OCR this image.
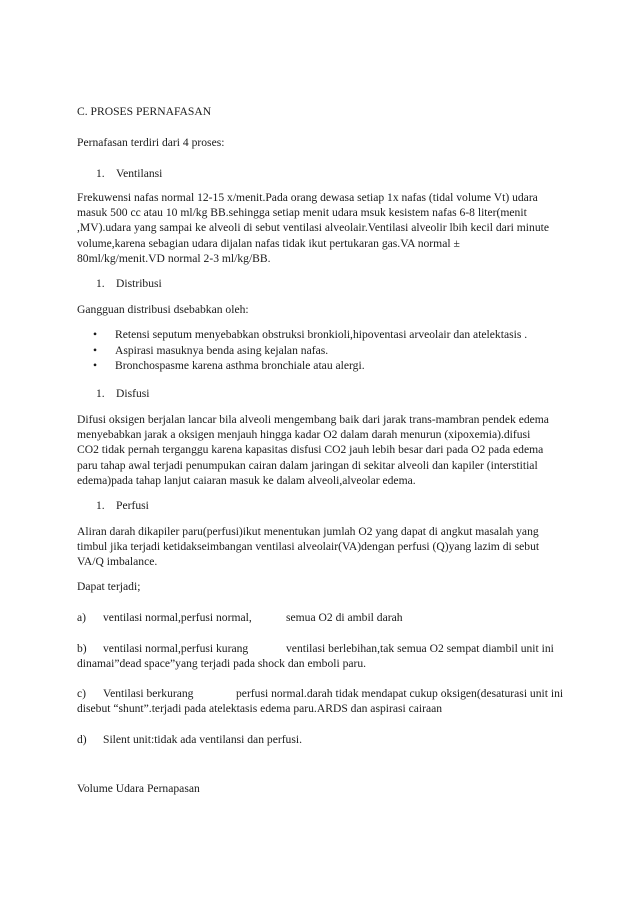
C. PROSES PERNAFASAN

Pernafasan terdiri dari 4 proses:

1. Ventilansi
Frekuwensi nafas normal 12-15 x/menit.Pada orang dewasa setiap 1x nafas (tidal volume Vt) udara
masuk 500 cc atau 10 ml/kg BB.sehingga setiap menit udara msuk kesistem nafas 6-8 liter(menit
,MV).udara yang sampai ke alveoli di sebut ventilasi alveolair.Ventilasi alveolir lbih kecil dari minute
volume,karena sebagian udara dijalan nafas tidak ikut pertukaran gas.VA normal ±
80ml/kg/menit.VD normal 2-3 ml/kg/BB.
1. Distribusi

Gangguan distribusi dsebabkan oleh:

• Retensi seputum menyebabkan obstruksi bronkioli,hipoventasi arveolair dan atelektasis .
• Aspirasi masuknya benda asing kejalan nafas.
• Bronchospasme karena asthma bronchiale atau alergi.
1. Disfusi
Difusi oksigen berjalan lancar bila alveoli mengembang baik dari jarak trans-mambran pendek edema
menyebabkan jarak a oksigen menjauh hingga kadar O2 dalam darah menurun (xipoxemia).difusi
CO2 tidak pernah terganggu karena kapasitas disfusi CO2 jauh lebih besar dari pada O2 pada edema
paru tahap awal terjadi penumpukan cairan dalam jaringan di sekitar alveoli dan kapiler (interstitial
edema)pada tahap lanjut caiaran masuk ke dalam alveoli,alveolar edema.
1. Perfusi
Aliran darah dikapiler paru(perfusi)ikut menentukan jumlah O2 yang dapat di angkut masalah yang
timbul jika terjadi ketidakseimbangan ventilasi alveolair(VA)dengan perfusi (Q)yang lazim di sebut
VA/Q imbalance.

Dapat terjadi;

a) ventilasi normal,perfusi normal,	semua O2 di ambil darah
b) ventilasi normal,perfusi kurang	ventilasi berlebihan,tak semua O2 sempat diambil unit ini
dinamai”dead space”yang terjadi pada shock dan emboli paru.
c) Ventilasi berkurang	perfusi normal.darah tidak mendapat cukup oksigen(desaturasi unit ini
disebut “shunt”.terjadi pada atelektasis edema paru.ARDS dan aspirasi cairaan
d) Silent unit:tidak ada ventilansi dan perfusi.

Volume Udara Pernapasan
